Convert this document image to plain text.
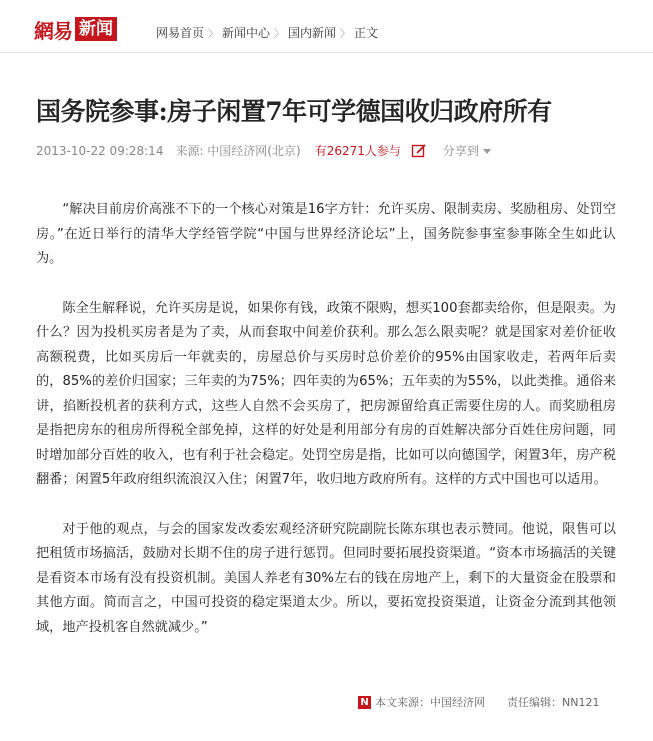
網易 新闻	网易首页 〉 新闻中心 〉 国内新闻 〉 正文
国务院参事:房子闲置7年可学德国收归政府所有
2013-10-22 09:28:14 来源: 中国经济网(北京) 有26271人参与	分享到

“解决目前房价高涨不下的一个核心对策是16字方针：允许买房、限制卖房、奖励租房、处罚空房。”在近日举行的清华大学经管学院“中国与世界经济论坛”上，国务院参事室参事陈全生如此认为。

陈全生解释说，允许买房是说，如果你有钱，政策不限购，想买100套都卖给你，但是限卖。为什么？因为投机买房者是为了卖，从而套取中间差价获利。那么怎么限卖呢？就是国家对差价征收高额税费，比如买房后一年就卖的，房屋总价与买房时总价差价的95%由国家收走，若两年后卖的，85%的差价归国家；三年卖的为75%；四年卖的为65%；五年卖的为55%，以此类推。通俗来讲，掐断投机者的获利方式，这些人自然不会买房了，把房源留给真正需要住房的人。而奖励租房是指把房东的租房所得税全部免掉，这样的好处是利用部分有房的百姓解决部分百姓住房问题，同时增加部分百姓的收入，也有利于社会稳定。处罚空房是指，比如可以向德国学，闲置3年，房产税翻番；闲置5年政府组织流浪汉入住；闲置7年，收归地方政府所有。这样的方式中国也可以适用。

对于他的观点，与会的国家发改委宏观经济研究院副院长陈东琪也表示赞同。他说，限售可以把租赁市场搞活，鼓励对长期不住的房子进行惩罚。但同时要拓展投资渠道。“资本市场搞活的关键是看资本市场有没有投资机制。美国人养老有30%左右的钱在房地产上，剩下的大量资金在股票和其他方面。简而言之，中国可投资的稳定渠道太少。所以，要拓宽投资渠道，让资金分流到其他领域，地产投机客自然就减少。”

N 本文来源：中国经济网 责任编辑：NN121
